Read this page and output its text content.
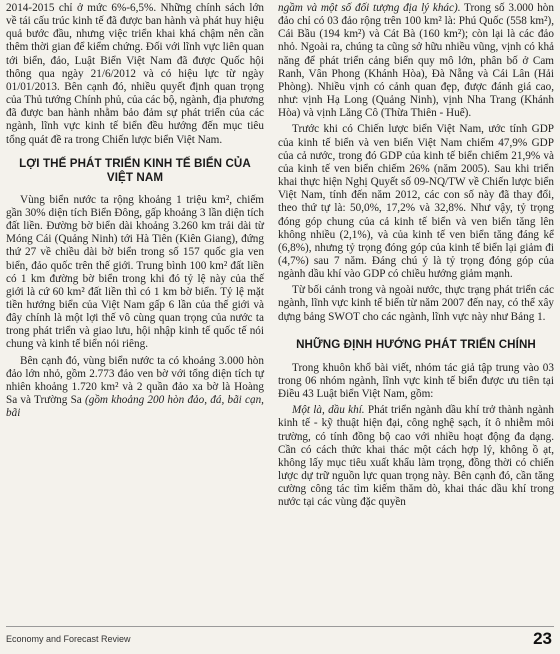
2014-2015 chỉ ở mức 6%-6,5%. Những chính sách lớn về tái cấu trúc kinh tế đã được ban hành và phát huy hiệu quả bước đầu, nhưng việc triển khai khá chậm nên cần thêm thời gian để kiểm chứng. Đối với lĩnh vực liên quan tới biển, đảo, Luật Biển Việt Nam đã được Quốc hội thông qua ngày 21/6/2012 và có hiệu lực từ ngày 01/01/2013. Bên cạnh đó, nhiều quyết định quan trọng của Thủ tướng Chính phủ, của các bộ, ngành, địa phương đã được ban hành nhằm bảo đảm sự phát triển của các ngành, lĩnh vực kinh tế biển đều hướng đến mục tiêu tổng quát đề ra trong Chiến lược biển Việt Nam.

LỢI THẾ PHÁT TRIỂN KINH TẾ BIỂN CỦA VIỆT NAM

Vùng biển nước ta rộng khoảng 1 triệu km², chiếm gần 30% diện tích Biển Đông, gấp khoảng 3 lần diện tích đất liền. Đường bờ biển dài khoảng 3.260 km trải dài từ Móng Cái (Quảng Ninh) tới Hà Tiên (Kiên Giang), đứng thứ 27 về chiều dài bờ biển trong số 157 quốc gia ven biển, đảo quốc trên thế giới. Trung bình 100 km² đất liền có 1 km đường bờ biển trong khi đó tỷ lệ này của thế giới là cứ 60 km² đất liền thì có 1 km bờ biển. Tỷ lệ mặt tiền hướng biển của Việt Nam gấp 6 lần của thế giới và đây chính là một lợi thế vô cùng quan trọng của nước ta trong phát triển và giao lưu, hội nhập kinh tế quốc tế nói chung và kinh tế biển nói riêng.

Bên cạnh đó, vùng biển nước ta có khoảng 3.000 hòn đảo lớn nhỏ, gồm 2.773 đảo ven bờ với tổng diện tích tự nhiên khoảng 1.720 km² và 2 quần đảo xa bờ là Hoàng Sa và Trường Sa (gồm khoảng 200 hòn đảo, đá, bãi cạn, bãi

ngầm và một số đối tượng địa lý khác). Trong số 3.000 hòn đảo chỉ có 03 đảo rộng trên 100 km² là: Phú Quốc (558 km²), Cái Bầu (194 km²) và Cát Bà (160 km²); còn lại là các đảo nhỏ. Ngoài ra, chúng ta cũng sở hữu nhiều vũng, vịnh có khả năng để phát triển cảng biển quy mô lớn, phân bố ở Cam Ranh, Vân Phong (Khánh Hòa), Đà Nẵng và Cái Lân (Hải Phòng). Nhiều vịnh có cảnh quan đẹp, được đánh giá cao, như: vịnh Hạ Long (Quảng Ninh), vịnh Nha Trang (Khánh Hòa) và vịnh Lăng Cô (Thừa Thiên - Huế).

Trước khi có Chiến lược biển Việt Nam, ước tính GDP của kinh tế biển và ven biển Việt Nam chiếm 47,9% GDP của cả nước, trong đó GDP của kinh tế biển chiếm 21,9% và của kinh tế ven biển chiếm 26% (năm 2005). Sau khi triển khai thực hiện Nghị Quyết số 09-NQ/TW về Chiến lược biển Việt Nam, tính đến năm 2012, các con số này đã thay đổi, theo thứ tự là: 50,0%, 17,2% và 32,8%. Như vậy, tỷ trọng đóng góp chung của cả kinh tế biển và ven biển tăng lên không nhiều (2,1%), và của kinh tế ven biển tăng đáng kể (6,8%), nhưng tỷ trọng đóng góp của kinh tế biển lại giảm đi (4,7%) sau 7 năm. Đáng chú ý là tỷ trọng đóng góp của ngành dầu khí vào GDP có chiều hướng giảm mạnh.

Từ bối cảnh trong và ngoài nước, thực trạng phát triển các ngành, lĩnh vực kinh tế biển từ năm 2007 đến nay, có thể xây dựng bảng SWOT cho các ngành, lĩnh vực này như Bảng 1.

NHỮNG ĐỊNH HƯỚNG PHÁT TRIỂN CHÍNH

Trong khuôn khổ bài viết, nhóm tác giả tập trung vào 03 trong 06 nhóm ngành, lĩnh vực kinh tế biển được ưu tiên tại Điều 43 Luật biển Việt Nam, gồm:

Một là, dầu khí. Phát triển ngành dầu khí trở thành ngành kinh tế - kỹ thuật hiện đại, công nghệ sạch, ít ô nhiễm môi trường, có tính đồng bộ cao với nhiều hoạt động đa dạng. Cần có cách thức khai thác một cách hợp lý, không ồ ạt, không lấy mục tiêu xuất khẩu làm trọng, đồng thời có chiến lược dự trữ nguồn lực quan trọng này. Bên cạnh đó, cần tăng cường công tác tìm kiếm thăm dò, khai thác dầu khí trong nước tại các vùng đặc quyền

Economy and Forecast Review	23
